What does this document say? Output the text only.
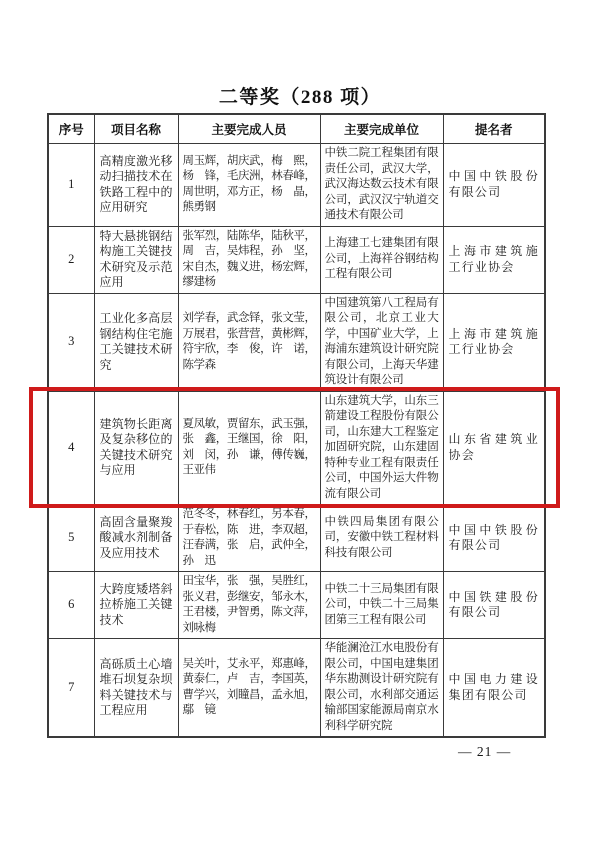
二等奖（288 项）
序号	项目名称	主要完成人员	主要完成单位	提名者
1	高精度激光移动扫描技术在铁路工程中的应用研究	周玉辉，胡庆武，梅　熙，杨　锋，毛庆洲，林春峰，周世明，邓方正，杨　晶，熊勇钢	中铁二院工程集团有限责任公司，武汉大学，武汉海达数云技术有限公司，武汉汉宁轨道交通技术有限公司	中国中铁股份有限公司
2	特大悬挑钢结构施工关键技术研究及示范应用	张军烈，陆陈华，陆秋平，周　吉，吴炜程，孙　坚，宋自杰，魏义进，杨宏辉，缪建杨	上海建工七建集团有限公司，上海祥谷钢结构工程有限公司	上海市建筑施工行业协会
3	工业化多高层钢结构住宅施工关键技术研究	刘学春，武念铎，张文莹，万展君，张营营，黄彬辉，符宇欣，李　俊，许　诺，陈学森	中国建筑第八工程局有限公司，北京工业大学，中国矿业大学，上海浦东建筑设计研究院有限公司，上海天华建筑设计有限公司	上海市建筑施工行业协会
4	建筑物长距离及复杂移位的关键技术研究与应用	夏凤敏，贾留东，武玉强，张　鑫，王继国，徐　阳，刘　闵，孙　谦，傅传巍，王亚伟	山东建筑大学，山东三箭建设工程股份有限公司，山东建大工程鉴定加固研究院，山东建固特种专业工程有限责任公司，中国外运大件物流有限公司	山东省建筑业协会
5	高固含量聚羧酸减水剂制备及应用技术	范冬冬，林春红，另本春，于春松，陈　进，李双超，汪春满，张　启，武仲全，孙　迅	中铁四局集团有限公司，安徽中铁工程材料科技有限公司	中国中铁股份有限公司
6	大跨度矮塔斜拉桥施工关键技术	田宝华，张　强，吴胜红，张义君，彭继安，邹永木，王君楼，尹智勇，陈文萍，刘咏梅	中铁二十三局集团有限公司，中铁二十三局集团第三工程有限公司	中国铁建股份有限公司
7	高砾质土心墙堆石坝复杂坝料关键技术与工程应用	吴关叶，艾永平，郑惠峰，黄泰仁，卢　吉，李国英，曹学兴，刘瞳昌，孟永旭，鄢　镜	华能澜沧江水电股份有限公司，中国电建集团华东勘测设计研究院有限公司，水利部交通运输部国家能源局南京水利科学研究院	中国电力建设集团有限公司
— 21 —
